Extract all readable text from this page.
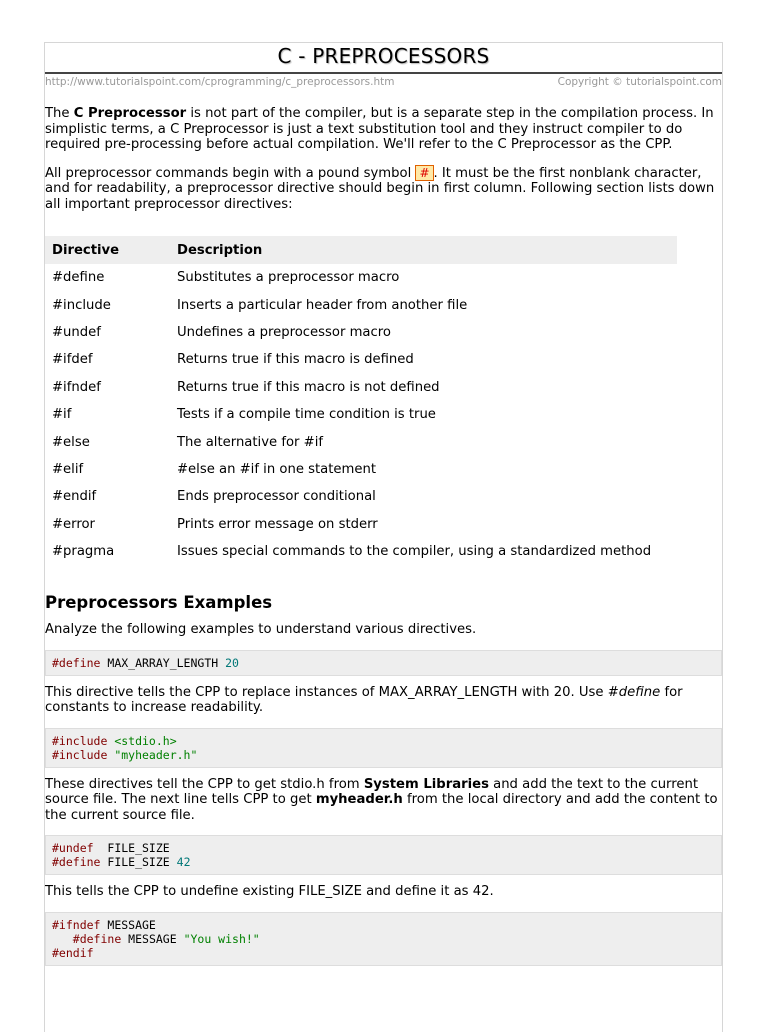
C - PREPROCESSORS
http://www.tutorialspoint.com/cprogramming/c_preprocessors.htm	Copyright © tutorialspoint.com

The C Preprocessor is not part of the compiler, but is a separate step in the compilation process. In simplistic terms, a C Preprocessor is just a text substitution tool and they instruct compiler to do required pre-processing before actual compilation. We'll refer to the C Preprocessor as the CPP.

All preprocessor commands begin with a pound symbol # . It must be the first nonblank character, and for readability, a preprocessor directive should begin in first column. Following section lists down all important preprocessor directives:

Directive	Description
#define	Substitutes a preprocessor macro
#include	Inserts a particular header from another file
#undef	Undefines a preprocessor macro
#ifdef	Returns true if this macro is defined
#ifndef	Returns true if this macro is not defined
#if	Tests if a compile time condition is true
#else	The alternative for #if
#elif	#else an #if in one statement
#endif	Ends preprocessor conditional
#error	Prints error message on stderr
#pragma	Issues special commands to the compiler, using a standardized method
Preprocessors Examples

Analyze the following examples to understand various directives.

#define MAX_ARRAY_LENGTH 20

This directive tells the CPP to replace instances of MAX_ARRAY_LENGTH with 20. Use #define for constants to increase readability.

#include <stdio.h>
#include "myheader.h"

These directives tell the CPP to get stdio.h from System Libraries and add the text to the current source file. The next line tells CPP to get myheader.h from the local directory and add the content to the current source file.

#undef  FILE_SIZE
#define FILE_SIZE 42

This tells the CPP to undefine existing FILE_SIZE and define it as 42.

#ifndef MESSAGE
#define MESSAGE "You wish!"
#endif
